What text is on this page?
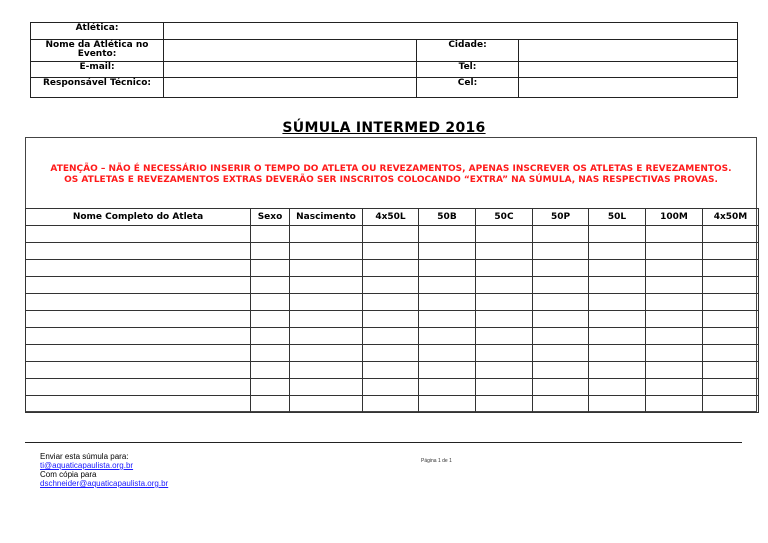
Atlética:			
Nome da Atlética no Evento:		Cidade:	
E-mail:		Tel:	
Responsável Técnico:		Cel:	
SÚMULA INTERMED 2016
ATENÇÃO – NÃO É NECESSÁRIO INSERIR O TEMPO DO ATLETA OU REVEZAMENTOS, APENAS INSCREVER OS ATLETAS E REVEZAMENTOS.
OS ATLETAS E REVEZAMENTOS EXTRAS DEVERÃO SER INSCRITOS COLOCANDO “EXTRA” NA SÚMULA, NAS RESPECTIVAS PROVAS.
Nome Completo do Atleta	Sexo	Nascimento	4x50L	50B	50C	50P	50L	100M	4x50M

Enviar esta súmula para:
ti@aquaticapaulista.org.br
Com cópia para
dschneider@aquaticapaulista.org.br
Página 1 de 1
